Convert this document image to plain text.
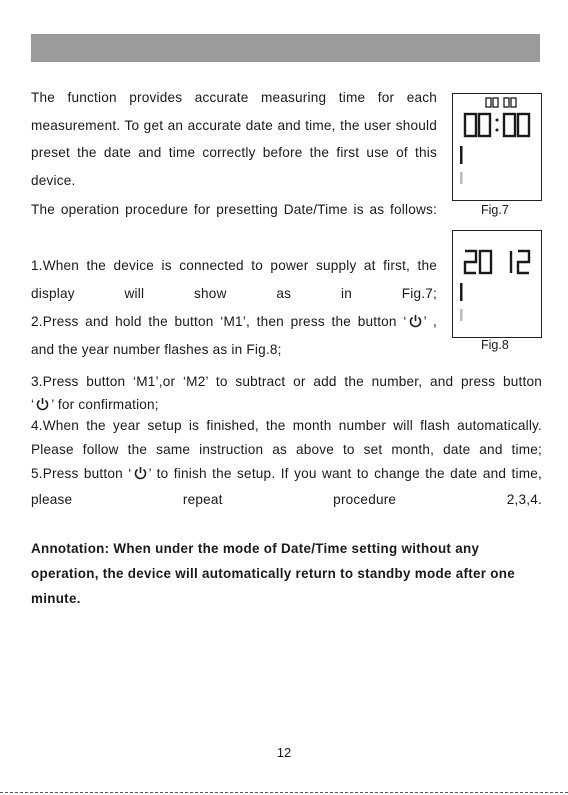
The function provides accurate measuring time for each measurement. To get an accurate date and time, the user should preset the date and time correctly before the first use of this device.
The operation procedure for presetting Date/Time is as follows:
1.When the device is connected to power supply at first, the display will show as in Fig.7;
2.Press and hold the button ‘M1’, then press the button ‘ ’ ,
and the year number flashes as in Fig.8;
3.Press button ‘M1’,or ‘M2’ to subtract or add the number, and press button
‘ ’ for confirmation;
4.When the year setup is finished, the month number will flash automatically. Please follow the same instruction as above to set month, date and time;
5.Press button ‘ ’ to finish the setup. If you want to change the date and time, please repeat procedure 2,3,4.
Annotation: When under the mode of Date/Time setting without any operation, the device will automatically return to standby mode after one minute.
Fig.7
Fig.8
12
